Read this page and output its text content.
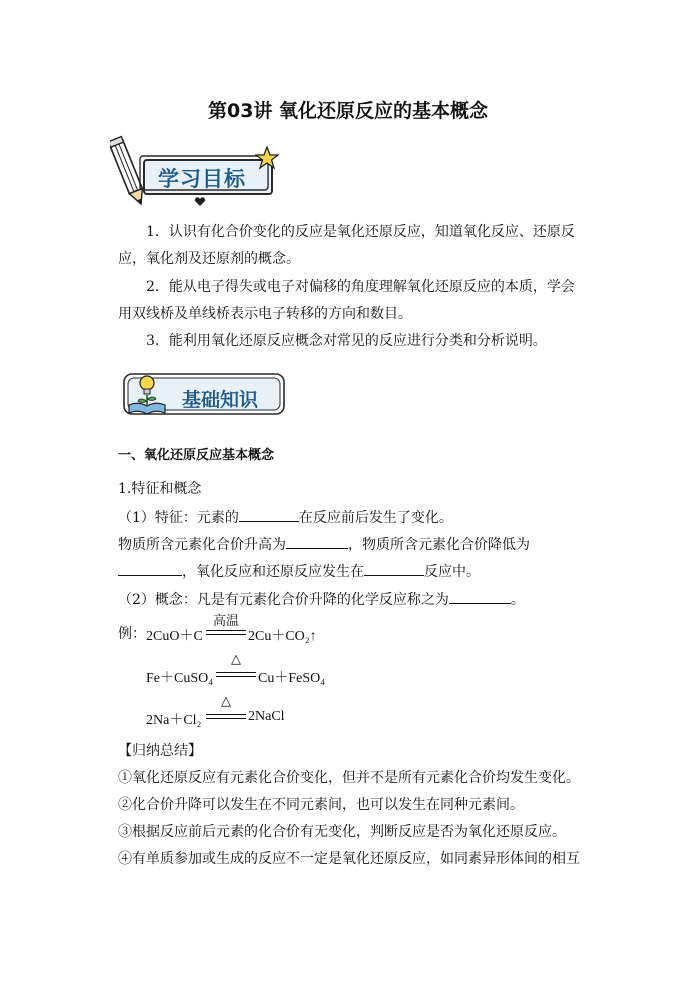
第03讲 氧化还原反应的基本概念
学习目标
1．认识有化合价变化的反应是氧化还原反应，知道氧化反应、还原反
应，氧化剂及还原剂的概念。
2．能从电子得失或电子对偏移的角度理解氧化还原反应的本质，学会
用双线桥及单线桥表示电子转移的方向和数目。
3．能利用氧化还原反应概念对常见的反应进行分类和分析说明。
基础知识
一、氧化还原反应基本概念
1.特征和概念
（1）特征：元素的	在反应前后发生了变化。
物质所含元素化合价升高为	，物质所含元素化合价降低为
，氧化反应和还原反应发生在	反应中。
（2）概念：凡是有元素化合价升降的化学反应称之为	。
例： 2CuO＋C
高温
2Cu＋CO₂↑
Fe＋CuSO₄
△
Cu＋FeSO₄
2Na＋Cl₂
△
2NaCl
【归纳总结】
①氧化还原反应有元素化合价变化，但并不是所有元素化合价均发生变化。
②化合价升降可以发生在不同元素间，也可以发生在同种元素间。
③根据反应前后元素的化合价有无变化，判断反应是否为氧化还原反应。
④有单质参加或生成的反应不一定是氧化还原反应，如同素异形体间的相互
